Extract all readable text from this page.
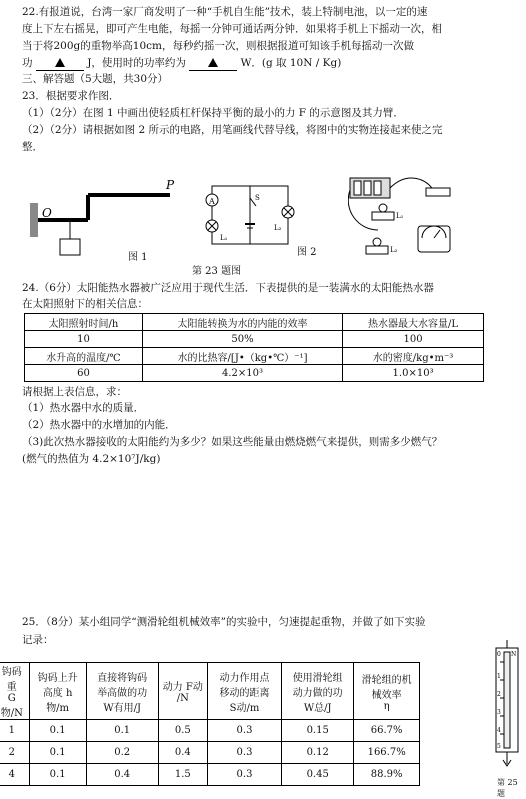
22.有报道说，台湾一家厂商发明了一种“手机自生能”技术，装上特制电池，以一定的速
度上下左右摇晃，即可产生电能，每摇一分钟可通话两分钟．如果将手机上下摇动一次，相
当于将200g的重物举高10cm，每秒约摇一次，则根据报道可知该手机每摇动一次做
功	J，使用时的功率约为	W．(g 取 10N / Kg)
三、解答题（5大题，共30分）
23．根据要求作图．
（1）（2分）在图 1 中画出使轻质杠杆保持平衡的最小的力 F 的示意图及其力臂．
（2）（2分）请根据如图 2 所示的电路，用笔画线代替导线，将图中的实物连接起来使之完
整．
O
P
图 1
A	S
L₁
L₂
图 2
L₁
L₂
第 23 题图
24.（6分）太阳能热水器被广泛应用于现代生活．下表提供的是一装满水的太阳能热水器
在太阳照射下的相关信息：
太阳照射时间/h	太阳能转换为水的内能的效率	热水器最大水容量/L
10	50%	100
水升高的温度/℃	水的比热容/[J•（kg•℃）⁻¹]	水的密度/kg•m⁻³
60	4.2×10³	1.0×10³
请根据上表信息，求：
（1）热水器中水的质量．
（2）热水器中的水增加的内能．
（3)此次热水器接收的太阳能约为多少？如果这些能量由燃烧燃气来提供，则需多少燃气？
(燃气的热值为 4.2×10⁷J/kg)
25．（8分）某小组同学“测滑轮组机械效率”的实验中，匀速提起重物，并做了如下实验
记录：
钩码重
G物/N	钩码上升
高度 h物/m	直接将钩码
举高做的功
W有用/J	动力 F动
/N	动力作用点
移动的距离
S动/m	使用滑轮组
动力做的功
W总/J	滑轮组的机
械效率
η
1	0.1	0.1	0.5	0.3	0.15	66.7%
2	0.1	0.2	0.4	0.3	0.12	166.7%
4	0.1	0.4	1.5	0.3	0.45	88.9%
0 N
1
2
3
4
5
第 25 题
